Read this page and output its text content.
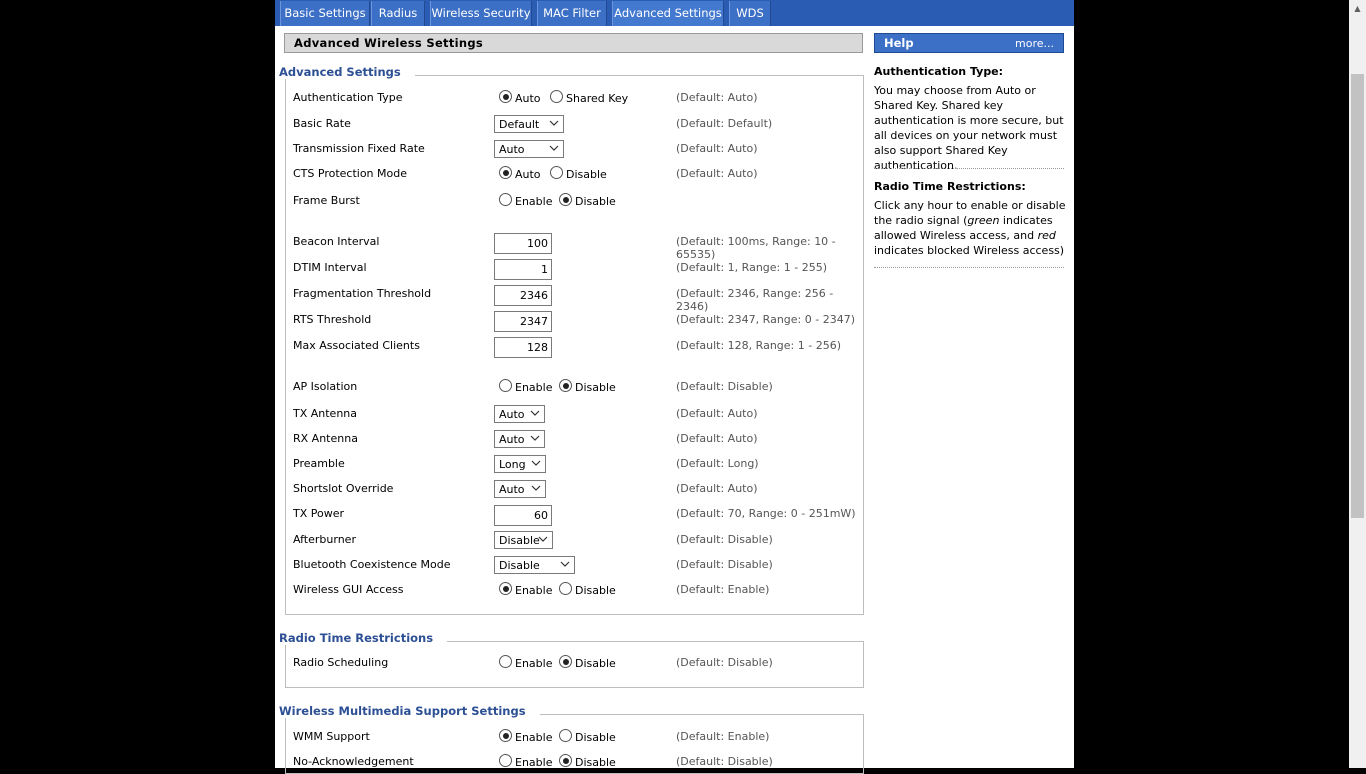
Basic Settings	Radius	Wireless Security	MAC Filter	Advanced Settings	WDS
Advanced Wireless Settings
Advanced Settings
Authentication Type	Auto Shared Key	(Default: Auto)
Basic Rate	Default	(Default: Default)
Transmission Fixed Rate	Auto	(Default: Auto)
CTS Protection Mode	Auto Disable	(Default: Auto)
Frame Burst	Enable Disable
Beacon Interval	100	(Default: 100ms, Range: 10 - 65535)
DTIM Interval	1	(Default: 1, Range: 1 - 255)
Fragmentation Threshold	2346	(Default: 2346, Range: 256 - 2346)
RTS Threshold	2347	(Default: 2347, Range: 0 - 2347)
Max Associated Clients	128	(Default: 128, Range: 1 - 256)
AP Isolation	Enable Disable	(Default: Disable)
TX Antenna	Auto	(Default: Auto)
RX Antenna	Auto	(Default: Auto)
Preamble	Long	(Default: Long)
Shortslot Override	Auto	(Default: Auto)
TX Power	60	(Default: 70, Range: 0 - 251mW)
Afterburner	Disable	(Default: Disable)
Bluetooth Coexistence Mode	Disable	(Default: Disable)
Wireless GUI Access	Enable Disable	(Default: Enable)
Radio Time Restrictions
Radio Scheduling	Enable Disable	(Default: Disable)
Wireless Multimedia Support Settings
WMM Support	Enable Disable	(Default: Enable)
No-Acknowledgement	Enable Disable	(Default: Disable)
Help	more...
Authentication Type:
You may choose from Auto or Shared Key. Shared key authentication is more secure, but all devices on your network must also support Shared Key authentication.
Radio Time Restrictions:
Click any hour to enable or disable the radio signal (green indicates allowed Wireless access, and red indicates blocked Wireless access)
▲
